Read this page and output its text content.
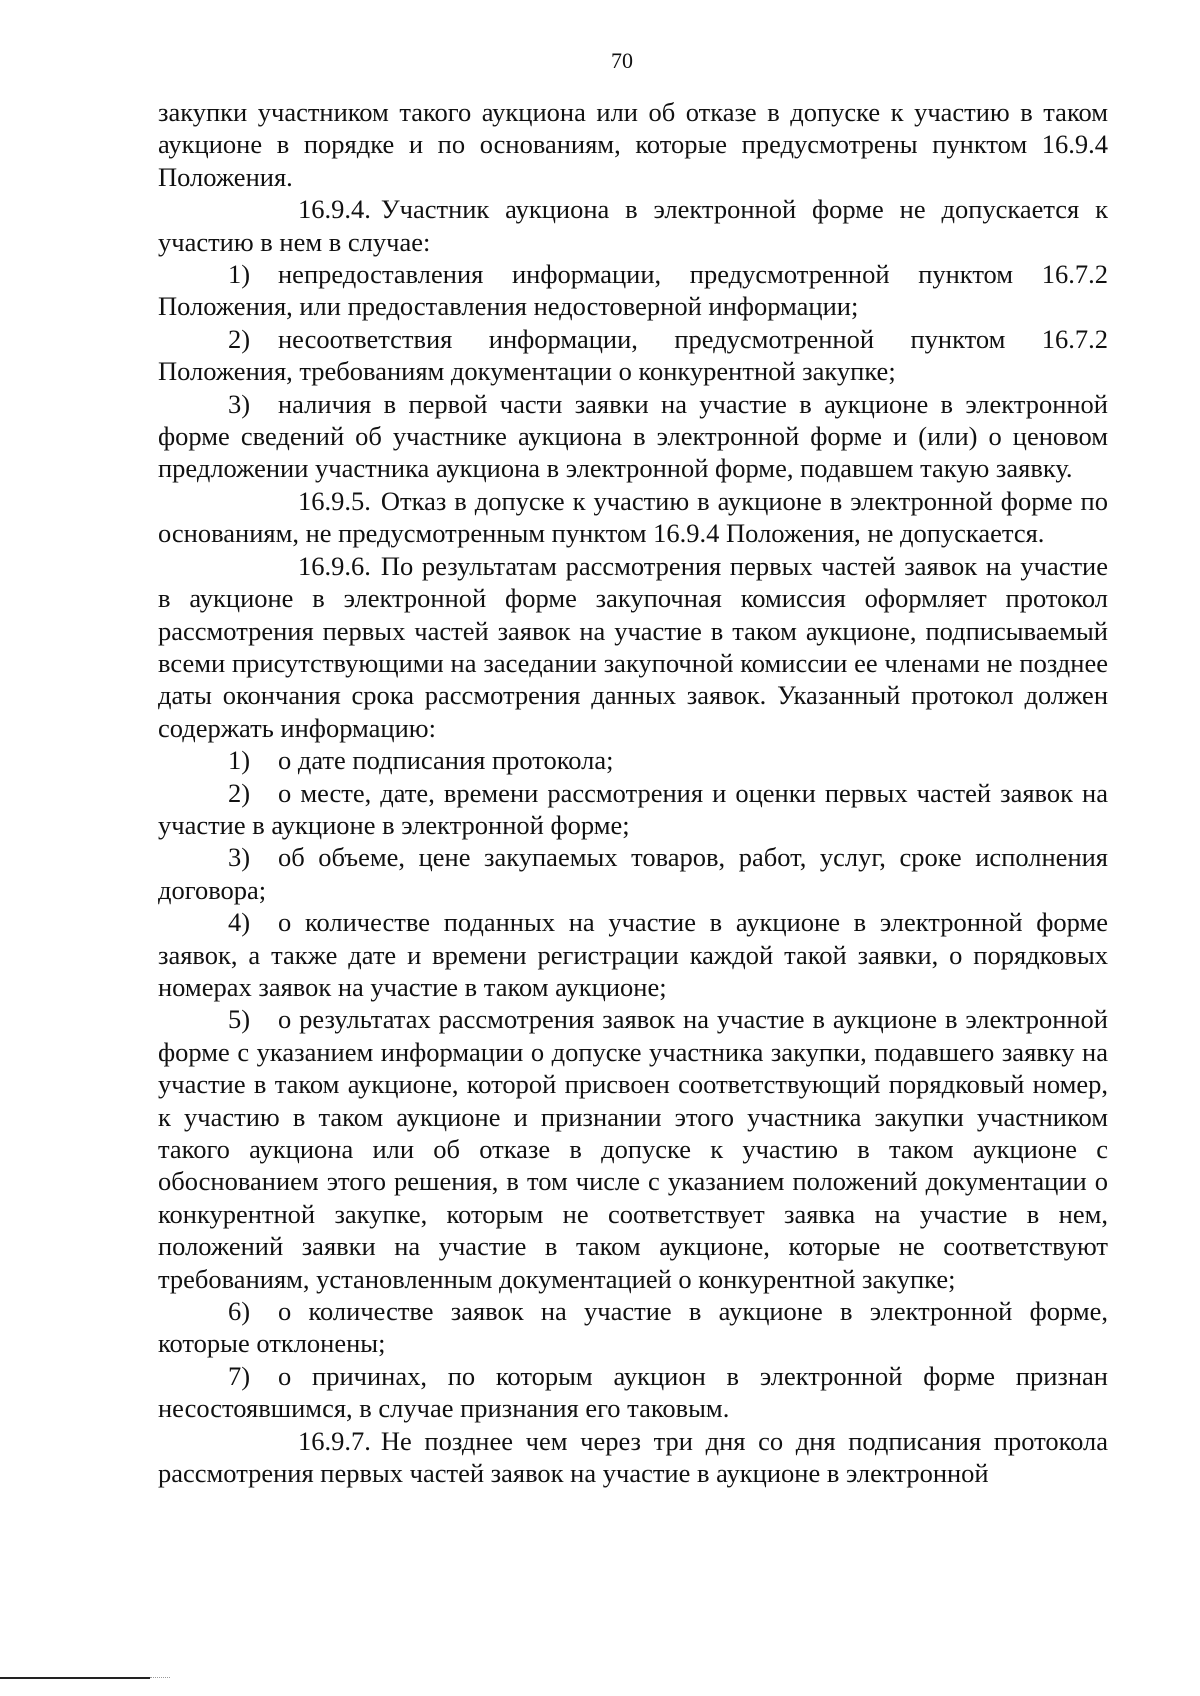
70

закупки участником такого аукциона или об отказе в допуске к участию в таком аукционе в порядке и по основаниям, которые предусмотрены пунктом 16.9.4 Положения.

16.9.4. Участник аукциона в электронной форме не допускается к участию в нем в случае:

1) непредоставления информации, предусмотренной пунктом 16.7.2 Положения, или предоставления недостоверной информации;

2) несоответствия информации, предусмотренной пунктом 16.7.2 Положения, требованиям документации о конкурентной закупке;

3) наличия в первой части заявки на участие в аукционе в электронной форме сведений об участнике аукциона в электронной форме и (или) о ценовом предложении участника аукциона в электронной форме, подавшем такую заявку.

16.9.5. Отказ в допуске к участию в аукционе в электронной форме по основаниям, не предусмотренным пунктом 16.9.4 Положения, не допускается.

16.9.6. По результатам рассмотрения первых частей заявок на участие в аукционе в электронной форме закупочная комиссия оформляет протокол рассмотрения первых частей заявок на участие в таком аукционе, подписываемый всеми присутствующими на заседании закупочной комиссии ее членами не позднее даты окончания срока рассмотрения данных заявок. Указанный протокол должен содержать информацию:

1) о дате подписания протокола;

2) о месте, дате, времени рассмотрения и оценки первых частей заявок на участие в аукционе в электронной форме;

3) об объеме, цене закупаемых товаров, работ, услуг, сроке исполнения договора;

4) о количестве поданных на участие в аукционе в электронной форме заявок, а также дате и времени регистрации каждой такой заявки, о порядковых номерах заявок на участие в таком аукционе;

5) о результатах рассмотрения заявок на участие в аукционе в электронной форме с указанием информации о допуске участника закупки, подавшего заявку на участие в таком аукционе, которой присвоен соответствующий порядковый номер, к участию в таком аукционе и признании этого участника закупки участником такого аукциона или об отказе в допуске к участию в таком аукционе с обоснованием этого решения, в том числе с указанием положений документации о конкурентной закупке, которым не соответствует заявка на участие в нем, положений заявки на участие в таком аукционе, которые не соответствуют требованиям, установленным документацией о конкурентной закупке;

6) о количестве заявок на участие в аукционе в электронной форме, которые отклонены;

7) о причинах, по которым аукцион в электронной форме признан несостоявшимся, в случае признания его таковым.

16.9.7. Не позднее чем через три дня со дня подписания протокола рассмотрения первых частей заявок на участие в аукционе в электронной
